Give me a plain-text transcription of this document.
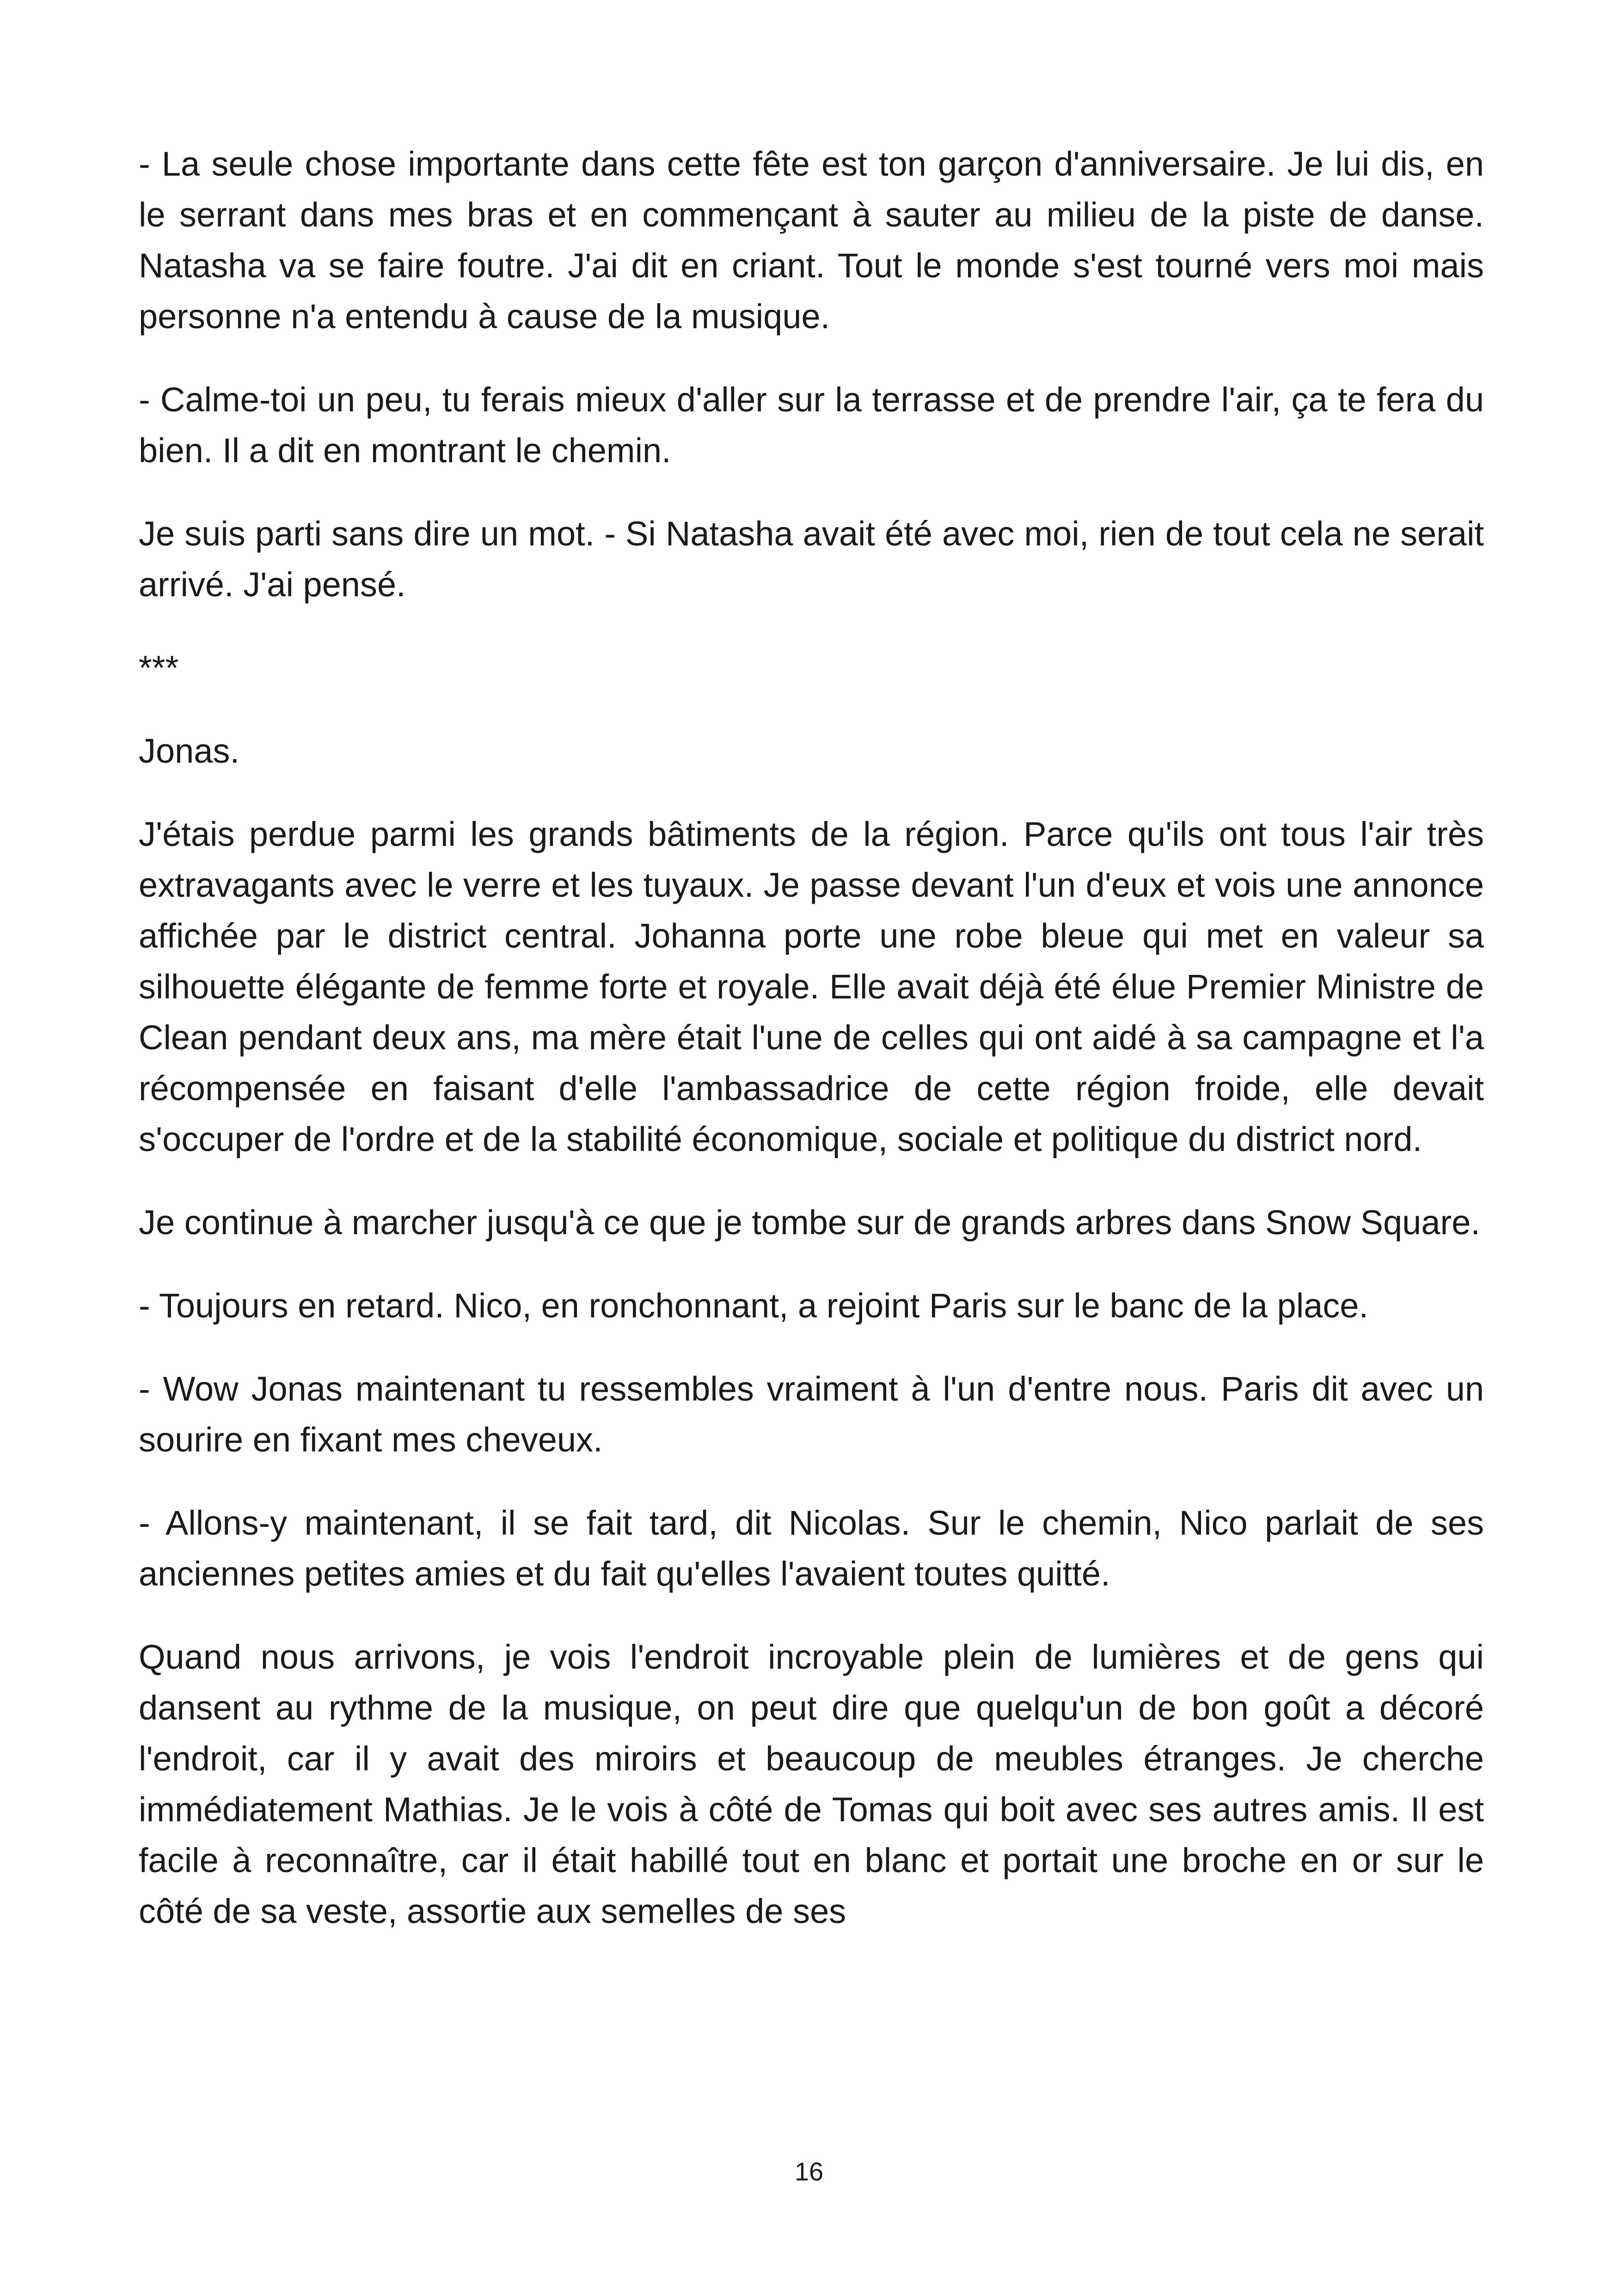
- La seule chose importante dans cette fête est ton garçon d'anniversaire. Je lui dis, en le serrant dans mes bras et en commençant à sauter au milieu de la piste de danse. Natasha va se faire foutre. J'ai dit en criant. Tout le monde s'est tourné vers moi mais personne n'a entendu à cause de la musique.

- Calme-toi un peu, tu ferais mieux d'aller sur la terrasse et de prendre l'air, ça te fera du bien. Il a dit en montrant le chemin.

Je suis parti sans dire un mot. - Si Natasha avait été avec moi, rien de tout cela ne serait arrivé. J'ai pensé.

***

Jonas.

J'étais perdue parmi les grands bâtiments de la région. Parce qu'ils ont tous l'air très extravagants avec le verre et les tuyaux. Je passe devant l'un d'eux et vois une annonce affichée par le district central. Johanna porte une robe bleue qui met en valeur sa silhouette élégante de femme forte et royale. Elle avait déjà été élue Premier Ministre de Clean pendant deux ans, ma mère était l'une de celles qui ont aidé à sa campagne et l'a récompensée en faisant d'elle l'ambassadrice de cette région froide, elle devait s'occuper de l'ordre et de la stabilité économique, sociale et politique du district nord.

Je continue à marcher jusqu'à ce que je tombe sur de grands arbres dans Snow Square.

- Toujours en retard. Nico, en ronchonnant, a rejoint Paris sur le banc de la place.

- Wow Jonas maintenant tu ressembles vraiment à l'un d'entre nous. Paris dit avec un sourire en fixant mes cheveux.

- Allons-y maintenant, il se fait tard, dit Nicolas. Sur le chemin, Nico parlait de ses anciennes petites amies et du fait qu'elles l'avaient toutes quitté.

Quand nous arrivons, je vois l'endroit incroyable plein de lumières et de gens qui dansent au rythme de la musique, on peut dire que quelqu'un de bon goût a décoré l'endroit, car il y avait des miroirs et beaucoup de meubles étranges. Je cherche immédiatement Mathias. Je le vois à côté de Tomas qui boit avec ses autres amis. Il est facile à reconnaître, car il était habillé tout en blanc et portait une broche en or sur le côté de sa veste, assortie aux semelles de ses

16
